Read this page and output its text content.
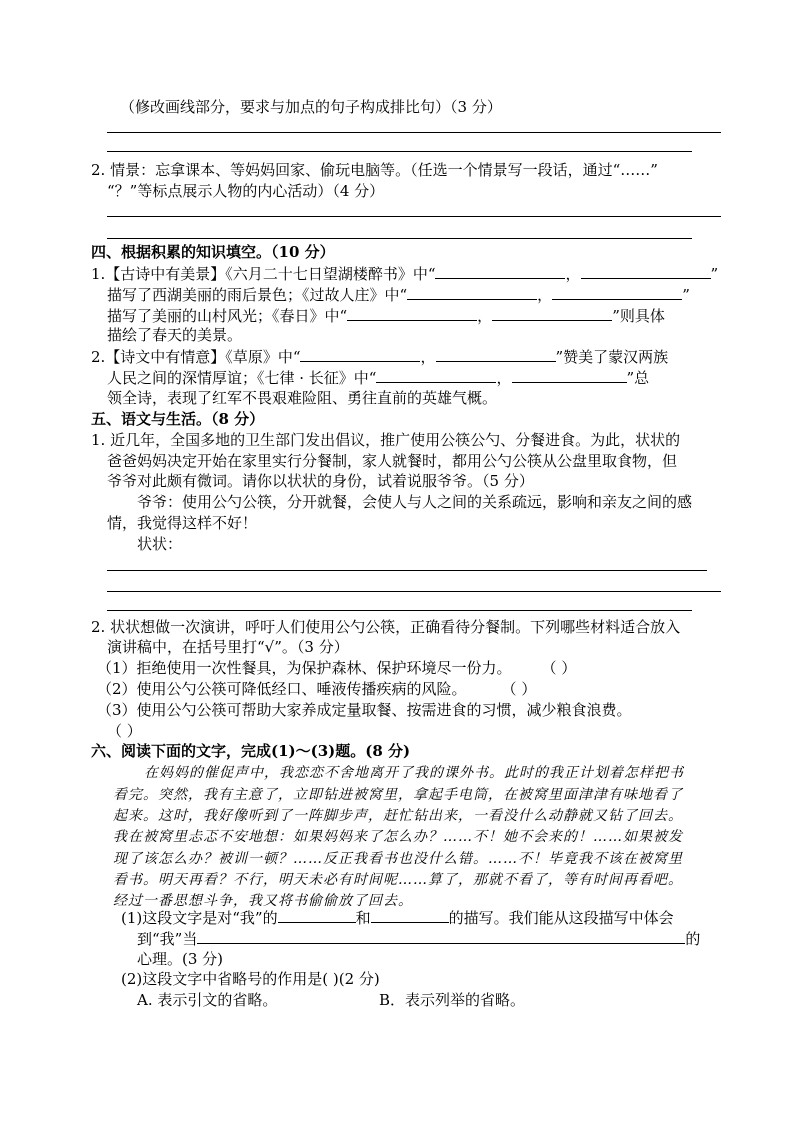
（修改画线部分，要求与加点的句子构成排比句）（3 分）
2. 情景：忘拿课本、等妈妈回家、偷玩电脑等。（任选一个情景写一段话，通过“……”
“？”等标点展示人物的内心活动）（4 分）
四、根据积累的知识填空。（10 分）
1.【古诗中有美景】《六月二十七日望湖楼醉书》中“	，	”
描写了西湖美丽的雨后景色；《过故人庄》中“	，	”
描写了美丽的山村风光；《春日》中“	，	”则具体
描绘了春天的美景。
2.【诗文中有情意】《草原》中“	，	”赞美了蒙汉两族
人民之间的深情厚谊；《七律 · 长征》中“	，	”总
领全诗，表现了红军不畏艰难险阻、勇往直前的英雄气概。
五、语文与生活。（8 分）
1. 近几年，全国多地的卫生部门发出倡议，推广使用公筷公勺、分餐进食。为此，状状的
爸爸妈妈决定开始在家里实行分餐制，家人就餐时，都用公勺公筷从公盘里取食物，但
爷爷对此颇有微词。请你以状状的身份，试着说服爷爷。（5 分）
爷爷：使用公勺公筷，分开就餐，会使人与人之间的关系疏远，影响和亲友之间的感
情，我觉得这样不好！
状状：
2. 状状想做一次演讲，呼吁人们使用公勺公筷，正确看待分餐制。下列哪些材料适合放入
演讲稿中，在括号里打“√”。（3 分）
（1）拒绝使用一次性餐具，为保护森林、保护环境尽一份力。 （ ）
（2）使用公勺公筷可降低经口、唾液传播疾病的风险。 （ ）
（3）使用公勺公筷可帮助大家养成定量取餐、按需进食的习惯，减少粮食浪费。
（ ）
六、阅读下面的文字，完成(1)～(3)题。(8 分)
在妈妈的催促声中，我恋恋不舍地离开了我的课外书。此时的我正计划着怎样把书
看完。突然，我有主意了，立即钻进被窝里，拿起手电筒，在被窝里面津津有味地看了
起来。这时，我好像听到了一阵脚步声，赶忙钻出来，一看没什么动静就又钻了回去。
我在被窝里忐忑不安地想：如果妈妈来了怎么办？……不！她不会来的！……如果被发
现了该怎么办？被训一顿？……反正我看书也没什么错。……不！毕竟我不该在被窝里
看书。明天再看？不行，明天未必有时间呢……算了，那就不看了，等有时间再看吧。
经过一番思想斗争，我又将书偷偷放了回去。
(1)这段文字是对“我”的	和	的描写。我们能从这段描写中体会
到“我”当	的
心理。(3 分)
(2)这段文字中省略号的作用是( )(2 分)
A. 表示引文的省略。	B．表示列举的省略。
